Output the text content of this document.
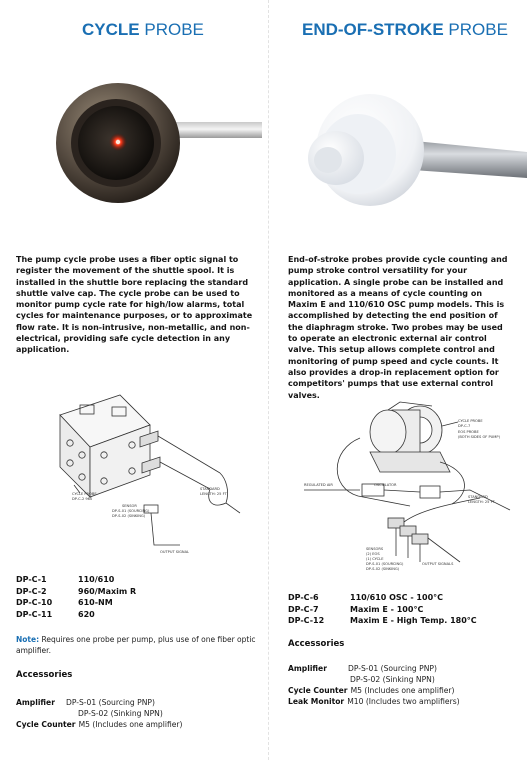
CYCLE PROBE
The pump cycle probe uses a fiber optic signal to register the movement of the shuttle spool. It is installed in the shuttle bore replacing the standard shuttle valve cap. The cycle probe can be used to monitor pump cycle rate for high/low alarms, total cycles for maintenance purposes, or to approximate flow rate. It is non-intrusive, non-metallic, and non-electrical, providing safe cycle detection in any application.
CYCLE PROBE
DP-C-2 960
SENSOR
DP-S-01 (SOURCING)
DP-S-02 (SINKING)
STANDARD
LENGTH: 25 FT
OUTPUT SIGNAL
DP-C-1	110/610
DP-C-2	960/Maxim R
DP-C-10	610-NM
DP-C-11	620
Note: Requires one probe per pump, plus use of one fiber optic amplifier.
Accessories
Amplifier DP-S-01 (Sourcing PNP)
DP-S-02 (Sinking NPN)
Cycle Counter M5 (Includes one amplifier)
END-OF-STROKE PROBE
End-of-stroke probes provide cycle counting and pump stroke control versatility for your application. A single probe can be installed and monitored as a means of cycle counting on Maxim E and 110/610 OSC pump models. This is accomplished by detecting the end position of the diaphragm stroke. Two probes may be used to operate an electronic external air control valve. This setup allows complete control and monitoring of pump speed and cycle counts. It also provides a drop-in replacement option for competitors' pumps that use external control valves.
CYCLE PROBE
DP-C-7
EOS PROBE
(BOTH SIDES OF PUMP)
REGULATED AIR	OSCILLATOR
STANDARD
LENGTH: 25 FT
SENSORS
(2) EOS
(1) CYCLE
DP-S-01 (SOURCING)
DP-S-02 (SINKING)
OUTPUT SIGNALS
DP-C-6	110/610 OSC - 100°C
DP-C-7	Maxim E - 100°C
DP-C-12	Maxim E - High Temp. 180°C
Accessories
Amplifier	DP-S-01 (Sourcing PNP)
DP-S-02 (Sinking NPN)
Cycle Counter M5 (Includes one amplifier)
Leak Monitor M10 (Includes two amplifiers)
